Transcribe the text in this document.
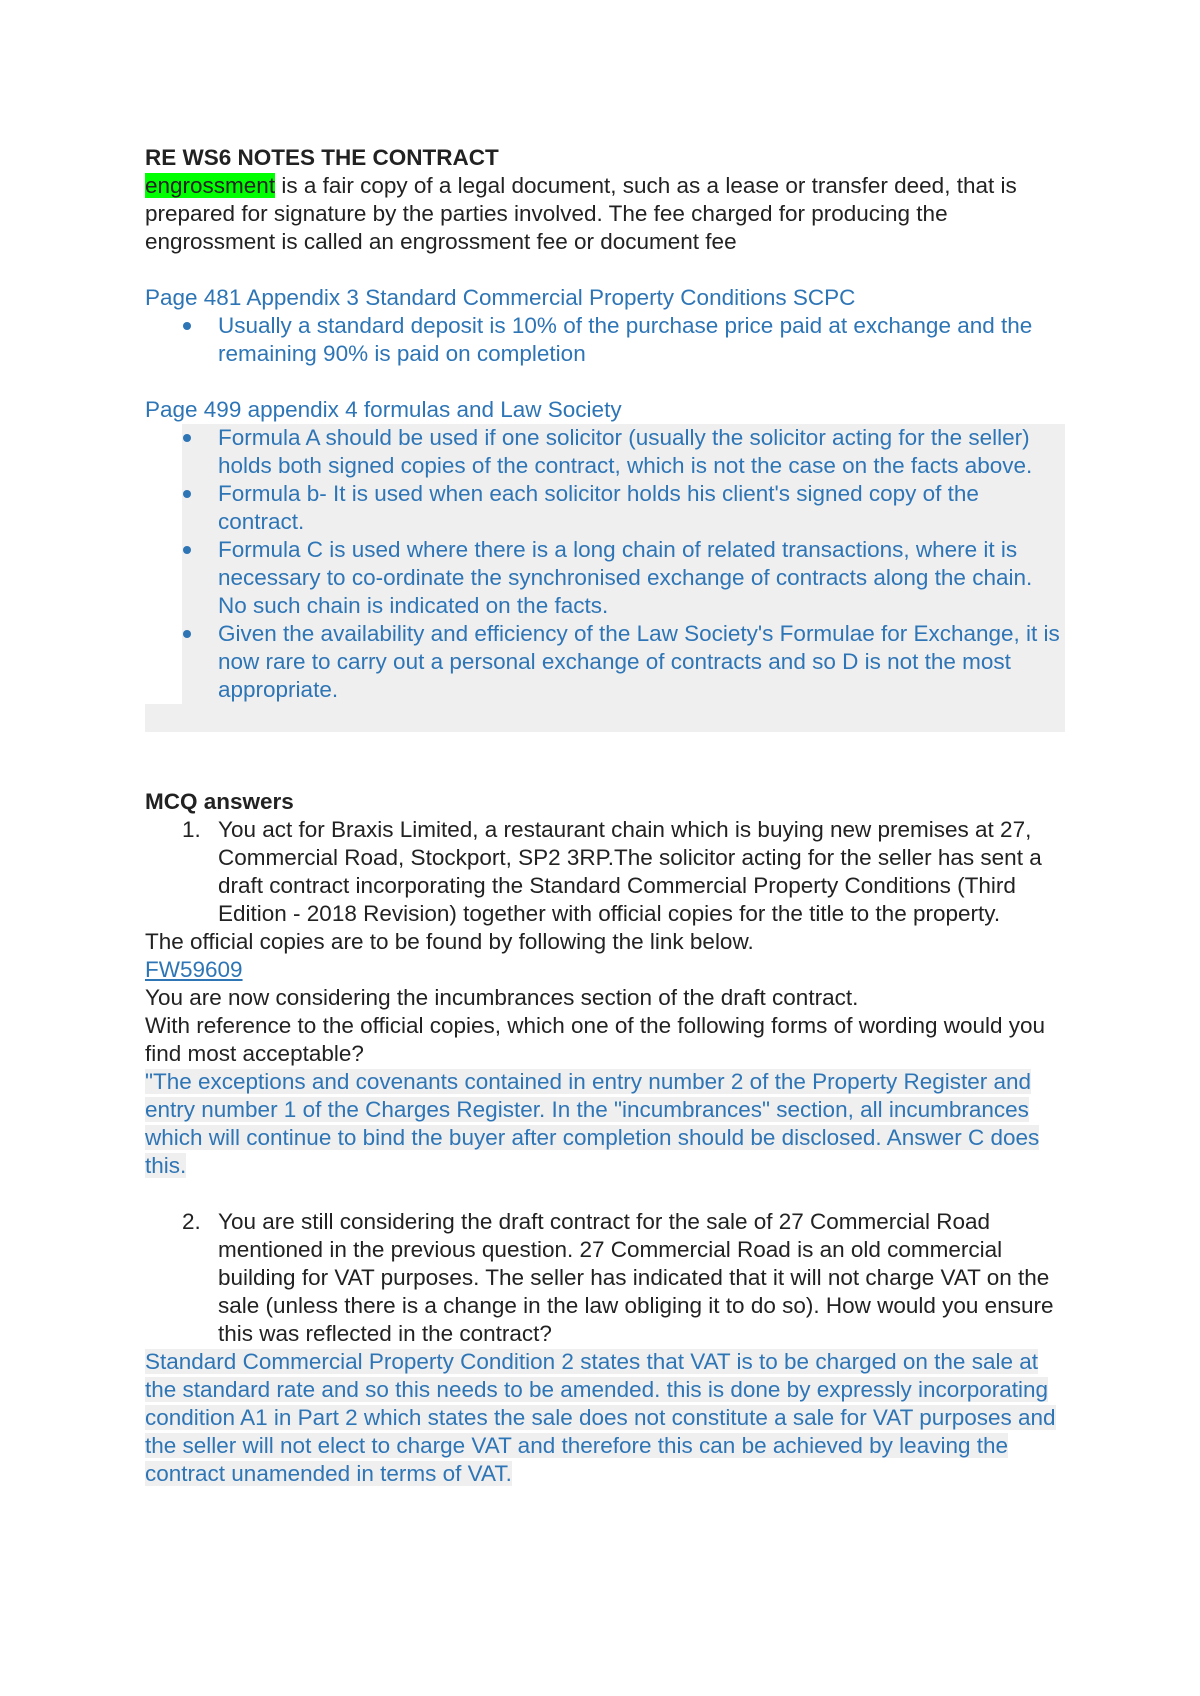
RE WS6 NOTES THE CONTRACT

engrossment is a fair copy of a legal document, such as a lease or transfer deed, that is prepared for signature by the parties involved. The fee charged for producing the engrossment is called an engrossment fee or document fee

Page 481 Appendix 3 Standard Commercial Property Conditions SCPC

Usually a standard deposit is 10% of the purchase price paid at exchange and the remaining 90% is paid on completion

Page 499 appendix 4 formulas and Law Society

Formula A should be used if one solicitor (usually the solicitor acting for the seller) holds both signed copies of the contract, which is not the case on the facts above.
Formula b- It is used when each solicitor holds his client's signed copy of the contract.
Formula C is used where there is a long chain of related transactions, where it is necessary to co-ordinate the synchronised exchange of contracts along the chain. No such chain is indicated on the facts.
Given the availability and efficiency of the Law Society's Formulae for Exchange, it is now rare to carry out a personal exchange of contracts and so D is not the most appropriate.

MCQ answers

1. You act for Braxis Limited, a restaurant chain which is buying new premises at 27, Commercial Road, Stockport, SP2 3RP.The solicitor acting for the seller has sent a draft contract incorporating the Standard Commercial Property Conditions (Third Edition - 2018 Revision) together with official copies for the title to the property.

The official copies are to be found by following the link below.

FW59609

You are now considering the incumbrances section of the draft contract.

With reference to the official copies, which one of the following forms of wording would you find most acceptable?

"The exceptions and covenants contained in entry number 2 of the Property Register and entry number 1 of the Charges Register. In the "incumbrances" section, all incumbrances which will continue to bind the buyer after completion should be disclosed. Answer C does this.

2. You are still considering the draft contract for the sale of 27 Commercial Road mentioned in the previous question. 27 Commercial Road is an old commercial building for VAT purposes. The seller has indicated that it will not charge VAT on the sale (unless there is a change in the law obliging it to do so). How would you ensure this was reflected in the contract?

Standard Commercial Property Condition 2 states that VAT is to be charged on the sale at the standard rate and so this needs to be amended. this is done by expressly incorporating condition A1 in Part 2 which states the sale does not constitute a sale for VAT purposes and the seller will not elect to charge VAT and therefore this can be achieved by leaving the contract unamended in terms of VAT.
